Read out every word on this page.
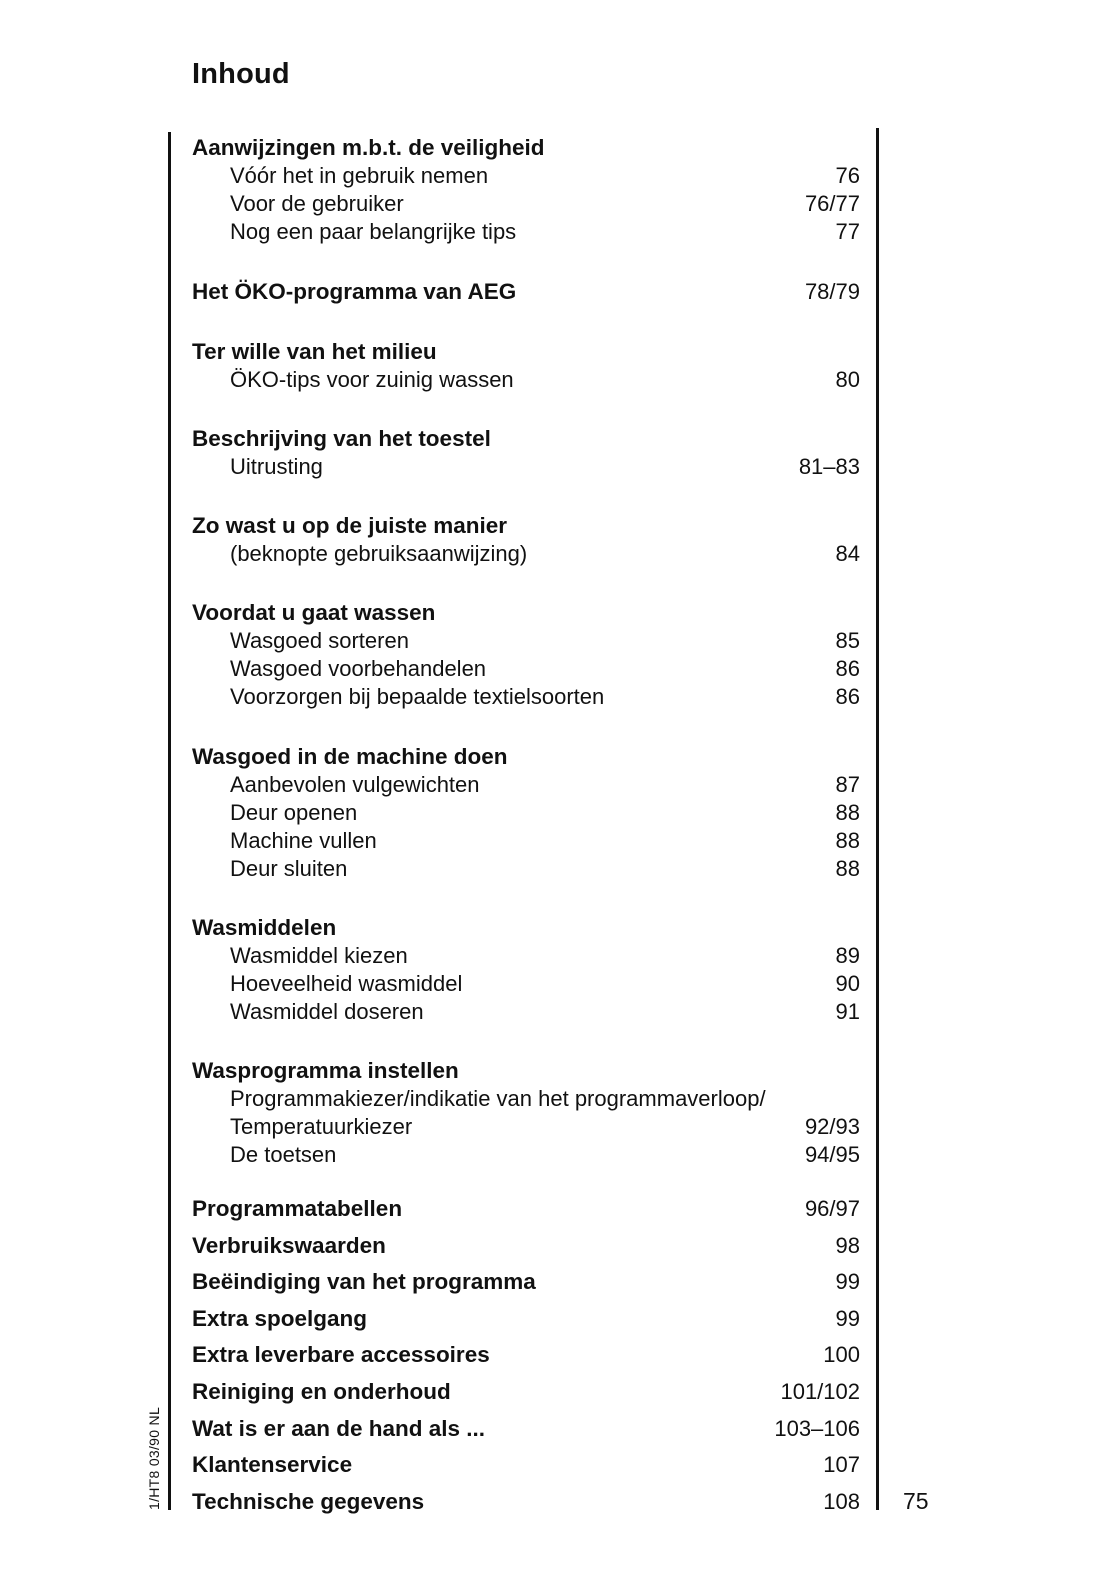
Inhoud
Aanwijzingen m.b.t. de veiligheid
Vóór het in gebruik nemen	76
Voor de gebruiker	76/77
Nog een paar belangrijke tips	77
Het ÖKO-programma van AEG	78/79
Ter wille van het milieu
ÖKO-tips voor zuinig wassen	80
Beschrijving van het toestel
Uitrusting	81–83
Zo wast u op de juiste manier
(beknopte gebruiksaanwijzing)	84
Voordat u gaat wassen
Wasgoed sorteren	85
Wasgoed voorbehandelen	86
Voorzorgen bij bepaalde textielsoorten	86
Wasgoed in de machine doen
Aanbevolen vulgewichten	87
Deur openen	88
Machine vullen	88
Deur sluiten	88
Wasmiddelen
Wasmiddel kiezen	89
Hoeveelheid wasmiddel	90
Wasmiddel doseren	91
Wasprogramma instellen
Programmakiezer/indikatie van het programmaverloop/
Temperatuurkiezer	92/93
De toetsen	94/95
Programmatabellen	96/97
Verbruikswaarden	98
Beëindiging van het programma	99
Extra spoelgang	99
Extra leverbare accessoires	100
Reiniging en onderhoud	101/102
Wat is er aan de hand als ...	103–106
Klantenservice	107
Technische gegevens	108 75
1/HT8 03/90 NL
